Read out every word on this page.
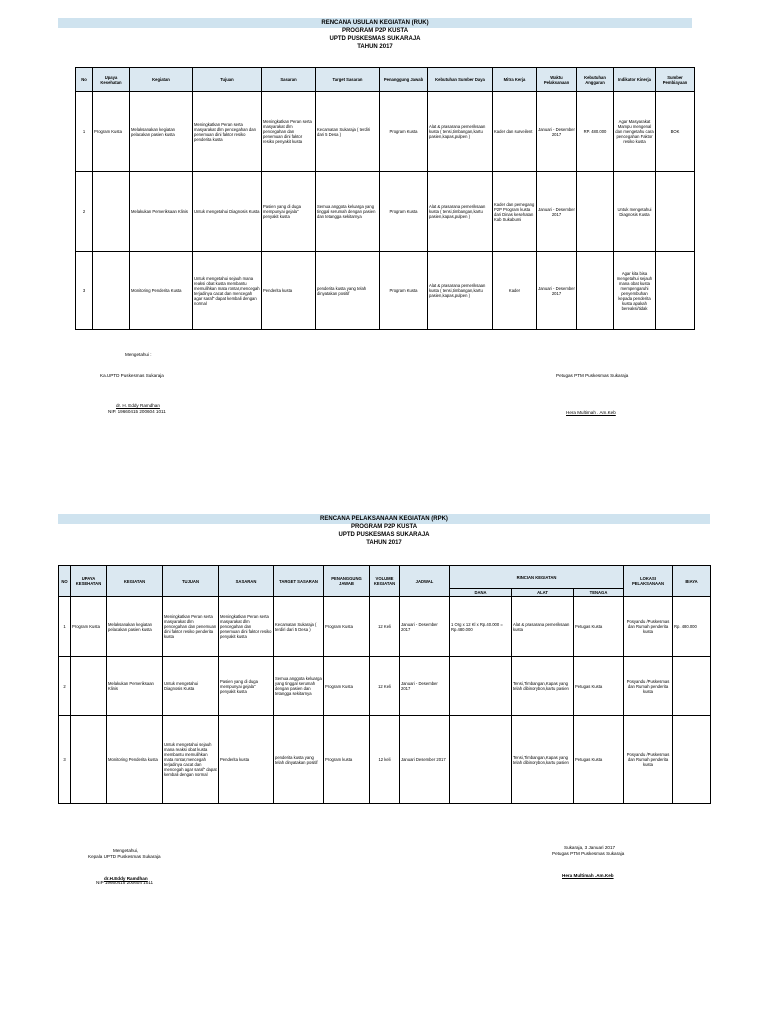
RENCANA USULAN KEGIATAN (RUK)
PROGRAM P2P KUSTA
UPTD PUSKESMAS SUKARAJA
TAHUN 2017
No	Upaya Kesehatan	Kegiatan	Tujuan	Sasaran	Target Sasaran	Penanggung Jawab	Kebutuhan Sumber Daya	Mitra Kerja	Waktu Pelaksanaan	Kebutuhan Anggaran	Indikator Kinerja	Sumber Pembiayaan
1	Program Kusta	Melaksanakan kegiatan pelacakan pasien kusta	Meningkatkan Peran serta masyarakat dlm pencegahan dan penemuan dini faktor resiko penderita kusta	Meningkatkan Peran serta masyarakat dlm pencegahan dan penemuan dini faktor resiko penyakit kusta	Kecamatan Sukaraja ( terdiri dari 5 Desa )	Program Kusta	Alat & prasarana pemeriksaan kusta ( tensi,timbangan,kartu pasien,kapas,pulpen )	Kader dan surveilent	Januari - Desember 2017	RP. 480.000	Agar Masyarakat Mampu mengenal dan mengetahu cara pencegahan Faktor resiko kusta	BOK
2		Melakukan Pemeriksaan Klinis	Untuk mengetahui Diagnosis Kusta	Pasien yang di duga mempunyai gejala" penyakit kusta	Semua anggota keluarga yang tinggal serumah dengan pasien dan tetangga sekitarnya	Program Kusta	Alat & prasarana pemeriksaan kusta ( tensi,timbangan,kartu pasien,kapas,pulpen )	Kader dan pemegang P2P Program kusta dari Dinas kesehatan Kab Sukabumi	Januari - Desember 2017		Untuk mengetahui Diagnosis Kusta	
3		Monitoring Penderita Kusta	Untuk mengetahui sejauh mana reaksi obat kusta membantu memulihkan mata rontar,mencegah terjadinya cacat dan mencegah agar saraf" dapat kembali dengan normal	Penderita kusta	penderita kusta yang telah dinyatakan positif	Program Kusta	Alat & prasarana pemeriksaan kusta ( tensi,timbangan,kartu pasien,kapas,pulpen )	Kader	Januari - Desember 2017		Agar kita bisa mengetahui sejauh mana obat kusta mempengaruhi penyembuhan kepada penderita kusta apakah bereaksi/tidak	
Mengetahui :
Ka.UPTD Puskesmas Sukaraja
dr. H. Eddy Ramdhan
NIP. 19660415 200604 1011
Petugas PTM Puskesmas Sukaraja
Hera Multimah . Am.Keb
RENCANA PELAKSANAAN KEGIATAN (RPK)
PROGRAM P2P KUSTA
UPTD PUSKESMAS SUKARAJA
TAHUN 2017
NO	UPAYA KESEHATAN	KEGIATAN	TUJUAN	SASARAN	TARGET SASARAN	PENANGGUNG JAWAB	VOLUME KEGIATAN	JADWAL	RINCIAN KEGIATAN			LOKASI PELAKSANAAN	BIAYA
									DANA	ALAT	TENAGA		
1	Program Kusta	Melaksanakan kegiatan pelacakan pasien kusta	Meningkatkan Peran serta masyarakat dlm pencegahan dan penemuan dini faktor resiko penderita kusta	Meningkatkan Peran serta masyarakat dlm pencegahan dan penemuan dini faktor resiko penyakit kusta	Kecamatan Sukaraja ( terdiri dari 5 Desa )	Program Kusta	12 Keli	Januari - Desember 2017	1 Org x 12 Kl x Rp.40.000 = Rp.480.000	Alat & prasarana pemeriksaan kusta	Petugas Kusta	Posyandu /Puskesmas dan Rumah penderita kusta	Rp. 480.000
2		Melakukan Pemeriksaan Klinis	Untuk mengetahui Diagnosis Kusta	Pasien yang di duga mempunyai gejala" penyakit kusta	Semua anggota keluarga yang tinggal serumah dengan pasien dan tetangga sekitarnya	Program Kusta	12 Keli	Januari - Desember 2017		Tensi,Timbangan,Kapas yang telah dibinorybon,kartu pasien	Petugas Kusta	Posyandu /Puskesmas dan Rumah penderita kusta	
3		Monitoring Penderita kusta	Untuk mengetahui sejauh mana reaksi obat kusta membantu memulihkan mata rontar,mencegah terjadinya cacat dan mencegah agar saraf" dapat kembali dengan normal	Penderita kusta	penderita kusta yang telah dinyatakan positif	Program kusta	12 keli	Januari Desember 2017		Tensi,Timbangan,Kapas yang telah dibinorybon,kartu pasien	Petugas Kusta	Posyandu /Puskesmas dan Rumah penderita kusta	
Mengetahui,
Kepala UPTD Puskesmas Sukaraja
dr.H.Eddy Ramdhan
NIP 19660415 200604 1011
Sukaraja, 3 Januari 2017
Petugas PTM Puskesmas Sukaraja
Hera Multimah .Am.Keb
